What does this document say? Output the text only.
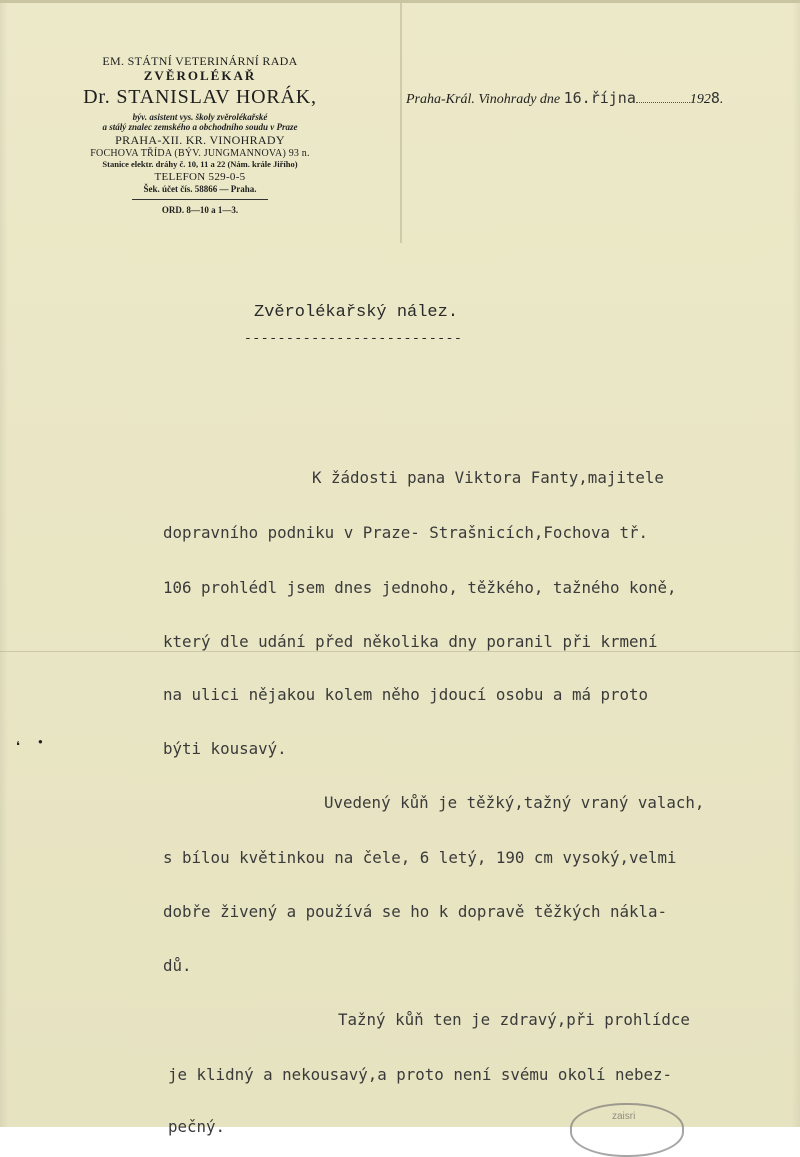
EM. STÁTNÍ VETERINÁRNÍ RADA
ZVĚROLÉKAŘ
Dr. STANISLAV HORÁK,
býv. asistent vys. školy zvěrolékařské
a stálý znalec zemského a obchodního soudu v Praze
PRAHA-XII. KR. VINOHRADY
FOCHOVA TŘÍDA (BÝV. JUNGMANNOVA) 93 n.
Stanice elektr. dráhy č. 10, 11 a 22 (Nám. krále Jiřího)
TELEFON 529-0-5
Šek. účet čís. 58866 — Praha.
ORD. 8—10 a 1—3.
Praha-Král. Vinohrady dne 16.října	1928.
Zvěrolékařský nález.
--------------------------
K žádosti pana Viktora Fanty,majitele
dopravního podniku v Praze- Strašnicích,Fochova tř.
106 prohlédl jsem dnes jednoho, těžkého, tažného koně,
který dle udání před několika dny poranil při krmení
na ulici nějakou kolem něho jdoucí osobu a má proto
býti kousavý.
Uvedený kůň je těžký,tažný vraný valach,
s bílou květinkou na čele, 6 letý, 190 cm vysoký,velmi
dobře živený a používá se ho k dopravě těžkých nákla-
dů.
Tažný kůň ten je zdravý,při prohlídce
je klidný a nekousavý,a proto není svému okolí nebez-
pečný.
❛ ●
zaisri
